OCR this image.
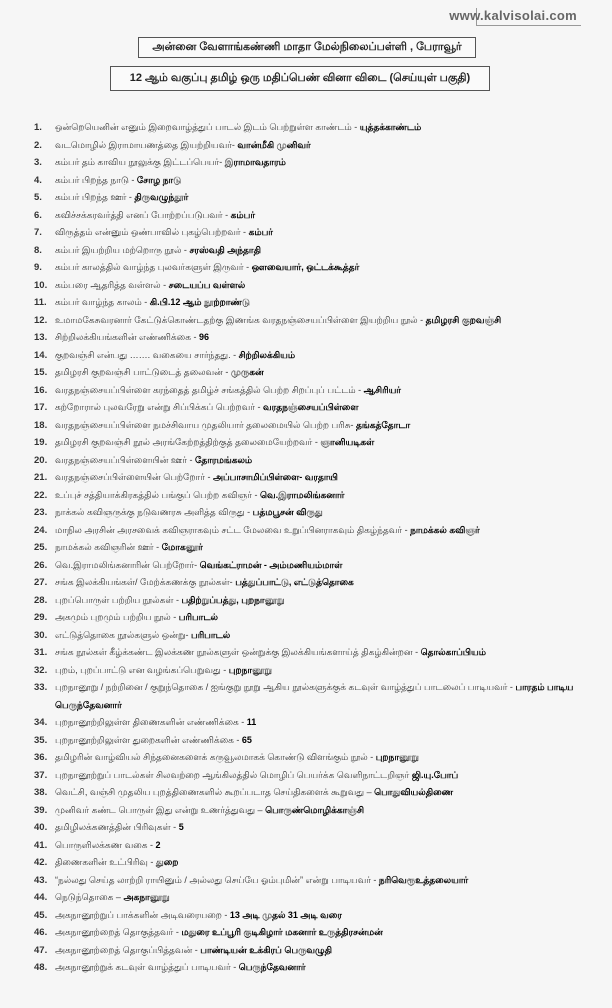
www.kalvisolai.com
அன்னை வேளாங்கண்ணி மாதா மேல்நிலைப்பள்ளி , பேராவூர்
12 ஆம் வகுப்பு தமிழ் ஒரு மதிப்பெண் வினா விடை (செய்யுள் பகுதி)
1.	ஒன்றெயெனின் எனும் இறைவாழ்த்துப் பாடல் இடம் பெற்றுள்ள காண்டம் - யுத்தக்காண்டம்
2.	வடமொழில் இராமாயணத்தை இயற்றியவர்- வான்மீகி முனிவர்
3.	கம்பர் தம் காவிய நூலுக்கு இட்டப்பெயர்- இராமாவதாரம்
4.	கம்பர் பிறந்த நாடு - சோழ நாடு
5.	கம்பர் பிறந்த ஊர் - திருவழுந்தூர்
6.	கவிச்சக்கரவர்த்தி எனப் போற்றப்படுபவர் - கம்பர்
7.	விருத்தம் என்னும் ஒண்பாவில் புகழ்பெற்றவர் - கம்பர்
8.	கம்பர் இயற்றிய மற்றொரு நூல் - சரஸ்வதி அந்தாதி
9.	கம்பர் காலத்தில் வாழ்ந்த புலவர்களுள் இருவர் - ஔவையார், ஒட்டக்கூத்தர்
10. கம்பரை ஆதரித்த வள்ளல் - சடையப்ப வள்ளல்
11. கம்பர் வாழ்ந்த காலம் - கி.பி.12 ஆம் நூற்றாண்டு
12. உமாமகேசுவரனார் கேட்டுக்கொண்டதற்கு இணங்க வரதநஞ்சையப்பிள்ளை இயற்றிய நூல் - தமிழரசி குறவஞ்சி
13. சிற்றிலக்கியங்களின் எண்ணிக்கை - 96
14. குறவஞ்சி என்பது ……. வகையை சார்ந்தது. - சிற்றிலக்கியம்
15. தமிழரசி குறவஞ்சி பாட்டுடைத் தலைவன் - முருகன்
16. வரதநஞ்சையப்பிள்ளை கரந்தைத் தமிழ்ச் சங்கத்தில் பெற்ற சிறப்புப் பட்டம் - ஆசிரியர்
17. கற்றோரால் புலவரேறு என்று சிப்பிக்கப் பெற்றவர் - வரதநஞ்சையப்பிள்ளை
18. வரதநஞ்சையப்பிள்ளை நமச்சிவாய முதலியார் தலைமையில் பெற்ற பரிசு- தங்கத்தோடா
19. தமிழரசி குறவஞ்சி நூல் அரங்கேற்றத்திற்குத் தலைமையேற்றவர் - ஞானியடிகள்
20. வரதநஞ்சையப்பிள்ளையின் ஊர் - தோரமங்கலம்
21. வரதநஞ்சைப்பிள்ளையின் பெற்றோர் - அப்பாசாமிப்பிள்ளை- வரதாயி
22. உப்புச் சத்தியாக்கிரகத்தில் பங்குப் பெற்ற கவிஞர் - வெ.இராமலிங்கனார்
23. நாக்கல் கவிஞருக்கு நடுவணரசு அளித்த விருது - பத்மபூசன் விருது
24. மாநில அரசின் அரசவைக் கவிஞராகவும் சட்ட மேலவை உறுப்பினராகவும் திகழ்ந்தவர் - நாமக்கல் கவிஞர்
25. நாமக்கல் கவிஞரின் ஊர் - மோகனூர்
26. வெ.இராமலிங்கனாரின் பெற்றோர்- வெங்கட்ராமன் - அம்மணியம்மாள்
27. சங்க இலக்கியங்கள்/ மேற்க்கணக்கு நூல்கள்- பத்துப்பாட்டு, எட்டுத்தொகை
28. புறப்பொருள் பற்றிய நூல்கள் - பதிற்றுப்பத்து, புறநானூறு
29. அகமும் புறமும் பற்றிய நூல் - பரிபாடல்
30. எட்டுத்தொகை நூல்களுல் ஒன்று- பரிபாடல்
31. சங்க நூல்கள் கீழ்க்கண்ட இலக்கண நூல்களுள் ஒன்றுக்கு இலக்கியங்களாய்த் திகழ்கின்றன - தொல்காப்பியம்
32. புறம், புறப்பாட்டு என வழங்கப்பெறுவது - புறநானூறு
33. புறநானூறு / நற்றினை / குறுந்தொகை / ஐங்குறு நூறு ஆகிய நூல்களுக்குக் கடவுள் வாழ்த்துப் பாடலைப் பாடியவர் - பாரதம் பாடிய பெருந்தேவனார்
34. புறநானூற்றிலுள்ள திணைகளின் எண்ணிக்கை - 11
35. புறநானூற்றிலுள்ள துறைகளின் எண்ணிக்கை - 65
36. தமிழரின் வாழ்வியல் சிந்தனைகளைக் கருவூலமாகக் கொண்டு விளங்கும் நூல் - புறநானூறு
37. புறநானூற்றுப் பாடல்கள் சிலவற்றை ஆங்கிலத்தில் மொழிப் பெயர்க்க வெளிநாட்டறிஞர் ஜி.யு.போப்
38. வெட்சி, வஞ்சி முதலிய புறத்திணைகளில் கூறப்படாத செய்திகளைக் கூறுவது – பொதுவியல்திணை
39. முனிவர் கண்ட பொருள் இது என்று உணர்த்துவது – பொருண்மொழிக்காஞ்சி
40. தமிழிலக்கணத்தின் பிரிவுகள் - 5
41. பொருளிலக்கண வகை - 2
42. திணைகளின் உட்பிரிவு - துறை
43. “நல்லது செய்த லாற்றி ராயினும் / அல்லது செய்யே ஓம்புமின்” என்று பாடியவர் - நரிவெரூஉத்தலையார்
44. நெடுந்தொகை – அகநானூறு
45. அகநானூற்றுப் பாக்களின் அடிவரையறை - 13 அடி முதல் 31 அடி வரை
46. அகநானூற்றைத் தொகுத்தவர் - மதுரை உப்பூரி குடிகிழார் மகனார் உருத்திரசன்மன்
47. அகநானூற்றைத் தொகுப்பித்தவன் - பாண்டியன் உக்கிரப் பெருவழுதி
48. அகநானூற்றுக் கடவுள் வாழ்த்துப் பாடியவர் - பெருந்தேவனார்
